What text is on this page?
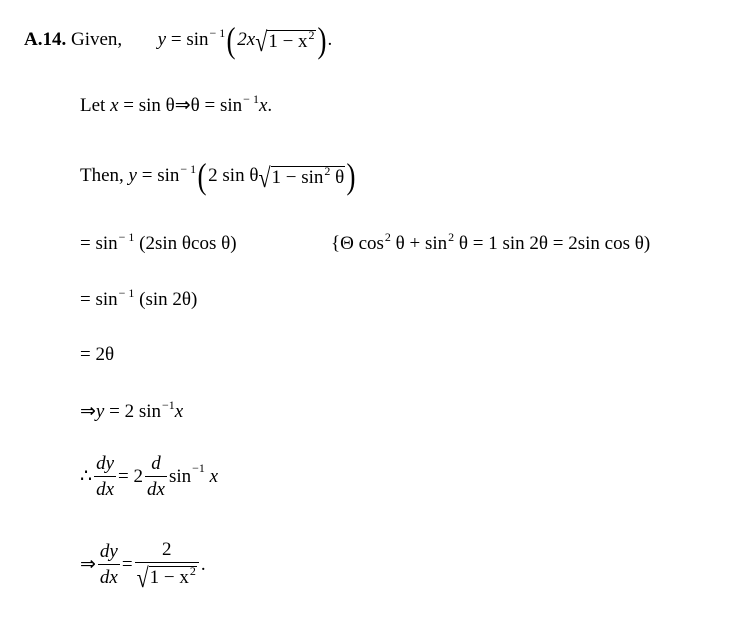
A.14. Given, $y = \sin^{- 1}(2x$ √ $1 - x^2$ ).
Let x = sin θ⇒θ = $\sin^{- 1}x$.
Then, $y = \sin^{- 1}(2$ sin θ √ $1 - \sin^2 \theta$ )
= $\sin^{- 1} (2\sin$ θcos θ)	{Θ $\cos^2 \theta + \sin^2 \theta = 1$ sin 2θ = 2sin cos θ)
= $\sin^{- 1} (\sin$ 2θ)
= 2θ
⇒y = 2 $\sin^{-1}x$
∴ $\frac{dy}{dx} = 2 \frac{d}{dx} \sin^{-1}$
x
⇒ $\frac{dy}{dx} = \frac{2}{√ 1 - x^2}$ .
